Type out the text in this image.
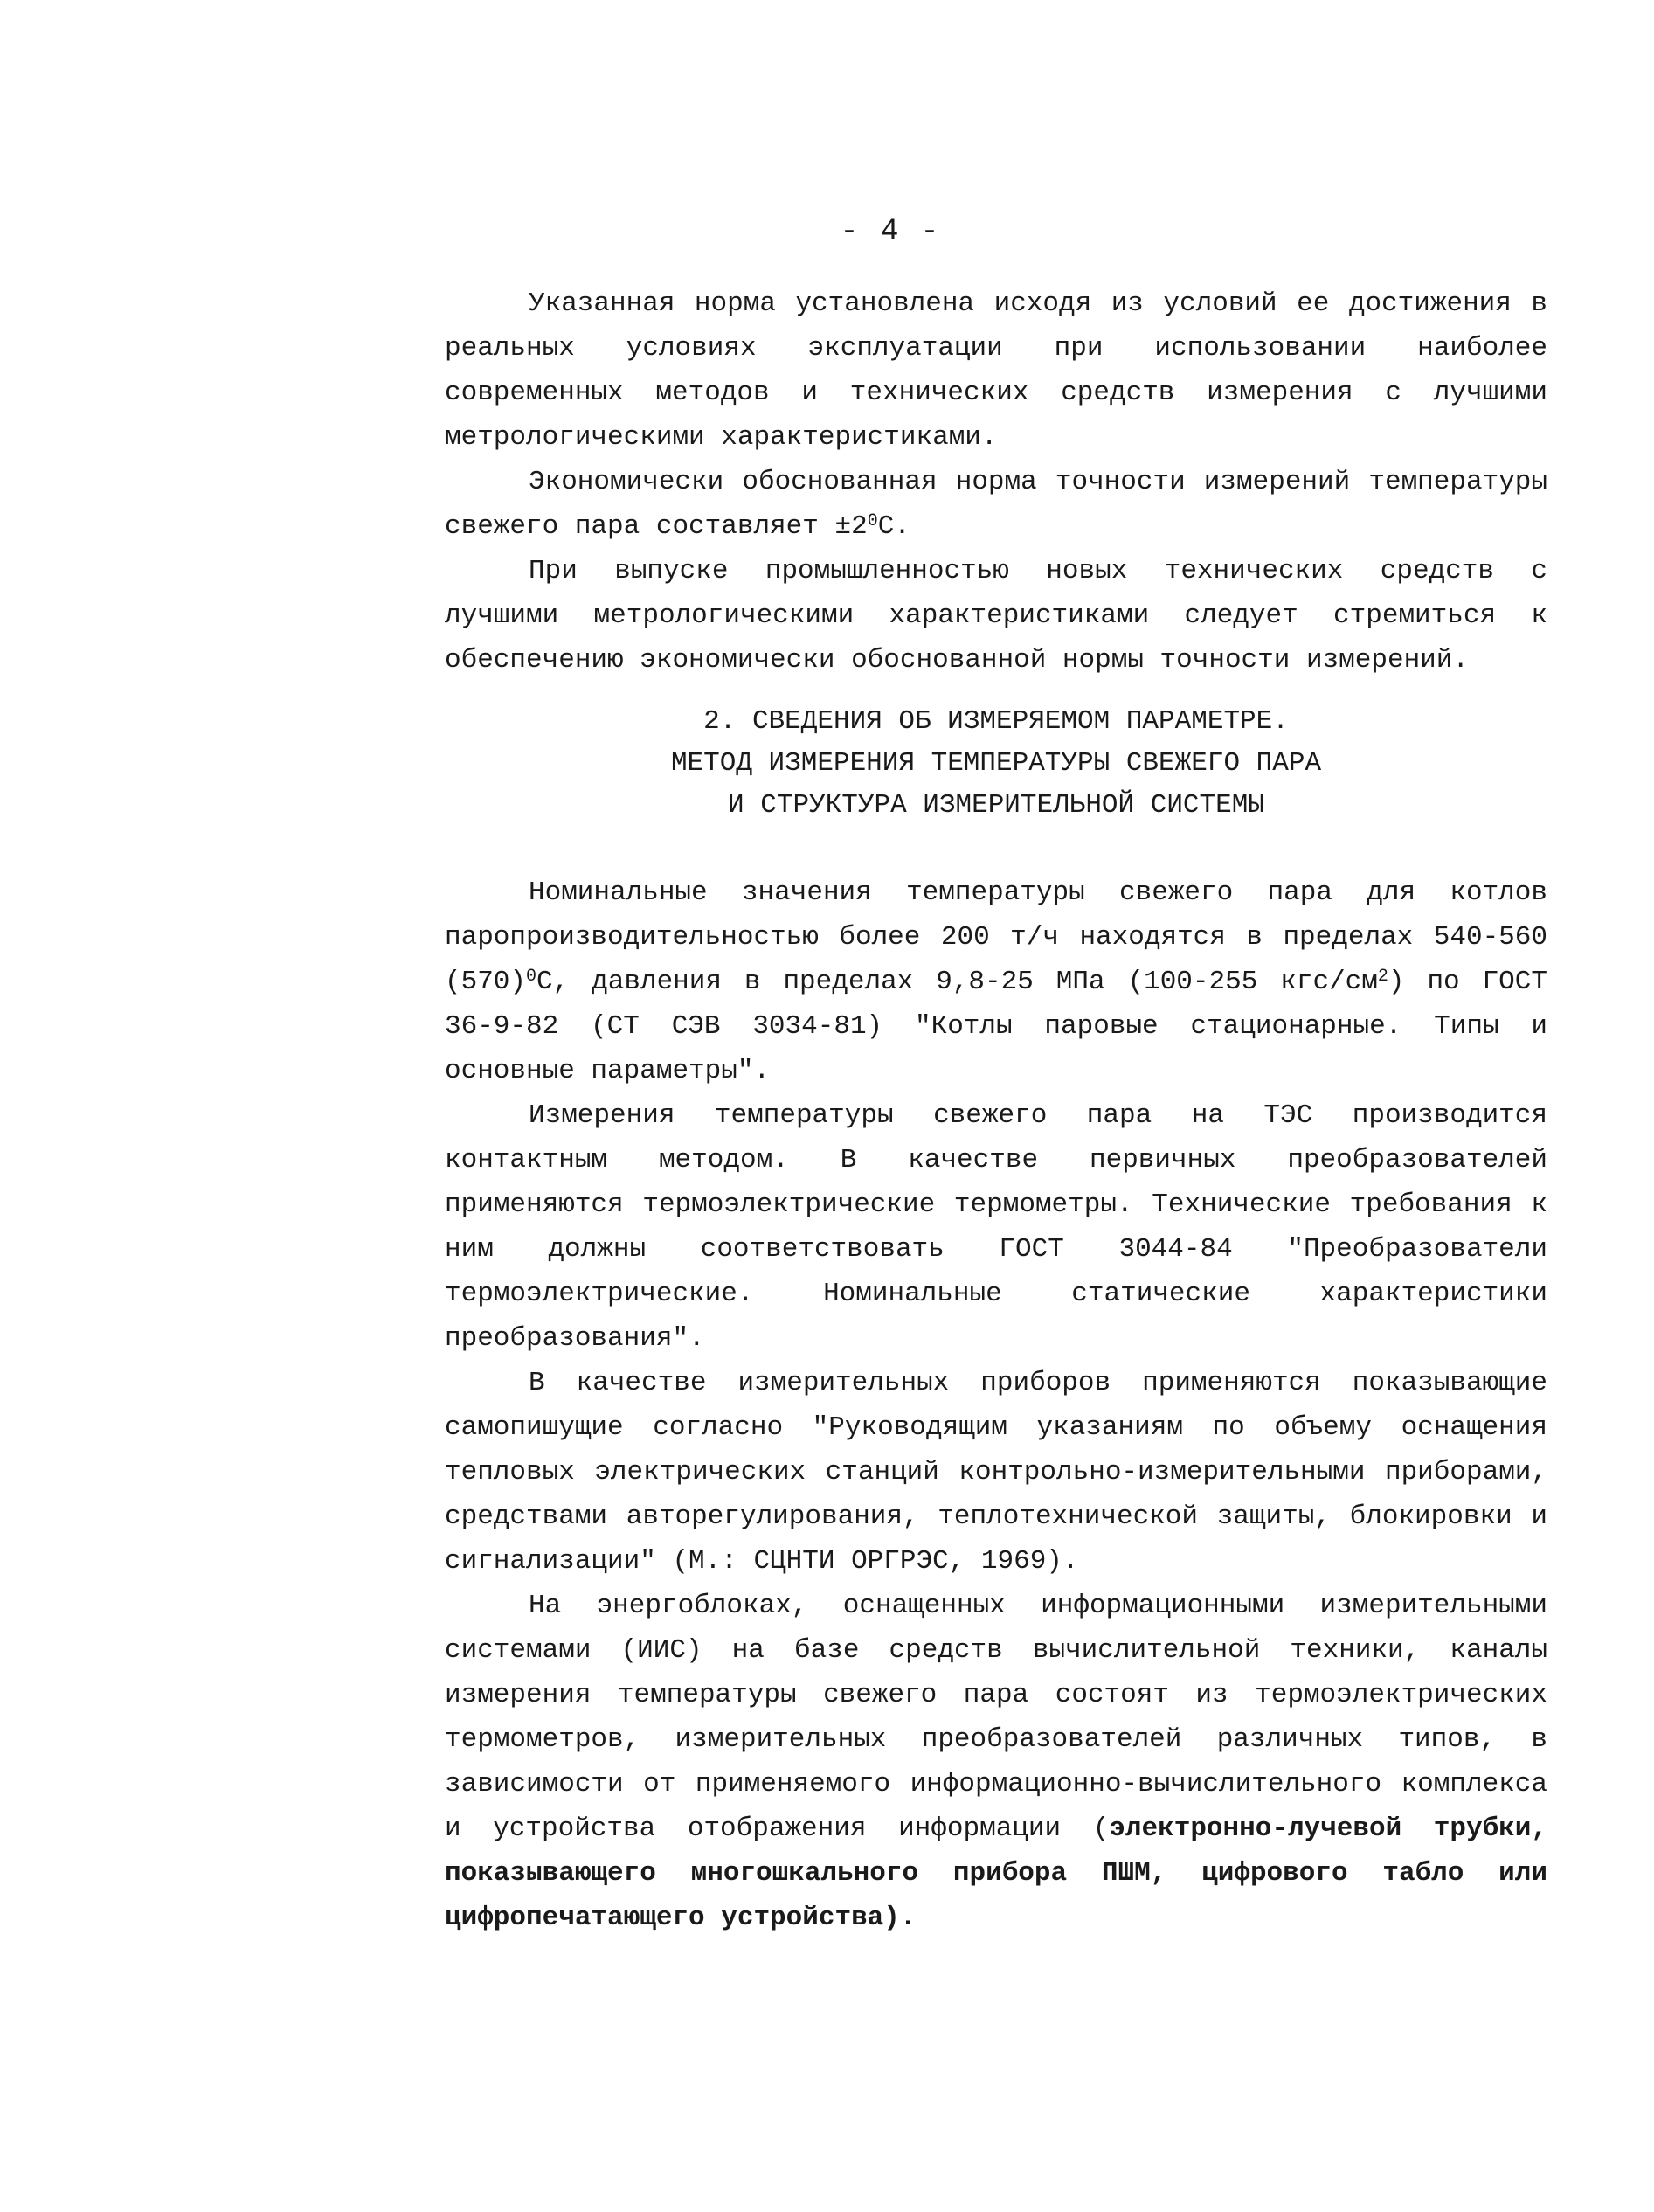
- 4 -

Указанная норма установлена исходя из условий ее достижения в реальных условиях эксплуатации при использовании наиболее современных методов и технических средств измерения с лучшими метрологическими характеристиками.

Экономически обоснованная норма точности измерений температуры свежего пара составляет $\pm 2^0С$.

При выпуске промышленностью новых технических средств с лучшими метрологическими характеристиками следует стремиться к обеспечению экономически обоснованной нормы точности измерений.

2. СВЕДЕНИЯ ОБ ИЗМЕРЯЕМОМ ПАРАМЕТРЕ.
МЕТОД ИЗМЕРЕНИЯ ТЕМПЕРАТУРЫ СВЕЖЕГО ПАРА
И СТРУКТУРА ИЗМЕРИТЕЛЬНОЙ СИСТЕМЫ

Номинальные значения температуры свежего пара для котлов паропроизводительностью более 200 т/ч находятся в пределах 540-560 $(570)^0С$, давления в пределах 9,8-25 МПа (100-255 кгс/$см^2$) по ГОСТ 36-9-82 (СТ СЭВ 3034-81) "Котлы паровые стационарные. Типы и основные параметры".

Измерения температуры свежего пара на ТЭС производится контактным методом. В качестве первичных преобразователей применяются термоэлектрические термометры. Технические требования к ним должны соответствовать ГОСТ 3044-84 "Преобразователи термоэлектрические. Номинальные статические характеристики преобразования".

В качестве измерительных приборов применяются показывающие самопишущие согласно "Руководящим указаниям по объему оснащения тепловых электрических станций контрольно-измерительными приборами, средствами авторегулирования, теплотехнической защиты, блокировки и сигнализации" (М.: СЦНТИ ОРГРЭС, 1969).

На энергоблоках, оснащенных информационными измерительными системами (ИИС) на базе средств вычислительной техники, каналы измерения температуры свежего пара состоят из термоэлектрических термометров, измерительных преобразователей различных типов, в зависимости от применяемого информационно-вычислительного комплекса и устройства отображения информации (электронно-лучевой трубки, показывающего многошкального прибора ПШМ, цифрового табло или цифропечатающего устройства).
